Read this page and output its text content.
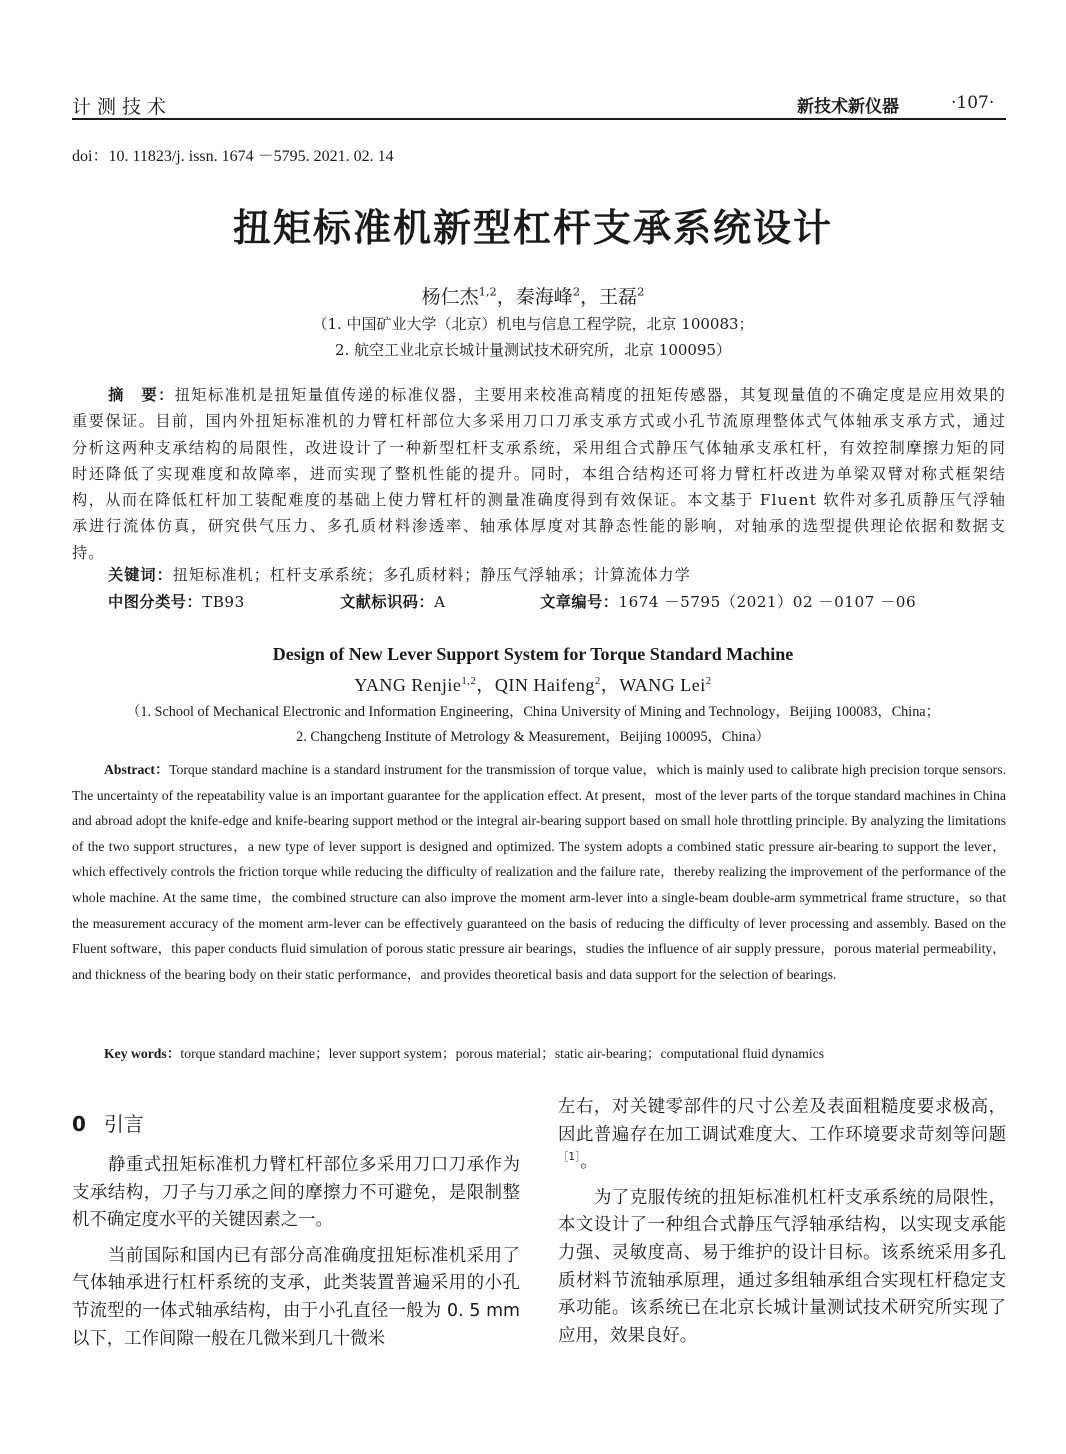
计测技术	新技术新仪器	·107·
doi：10. 11823/j. issn. 1674 －5795. 2021. 02. 14
扭矩标准机新型杠杆支承系统设计
杨仁杰$^{1,2}$，秦海峰$^2$，王磊$^2$
（1. 中国矿业大学（北京）机电与信息工程学院，北京 100083；
2. 航空工业北京长城计量测试技术研究所，北京 100095）
摘　要：扭矩标准机是扭矩量值传递的标准仪器，主要用来校准高精度的扭矩传感器，其复现量值的不确定度是应用效果的重要保证。目前，国内外扭矩标准机的力臂杠杆部位大多采用刀口刀承支承方式或小孔节流原理整体式气体轴承支承方式，通过分析这两种支承结构的局限性，改进设计了一种新型杠杆支承系统，采用组合式静压气体轴承支承杠杆，有效控制摩擦力矩的同时还降低了实现难度和故障率，进而实现了整机性能的提升。同时，本组合结构还可将力臂杠杆改进为单梁双臂对称式框架结构，从而在降低杠杆加工装配难度的基础上使力臂杠杆的测量准确度得到有效保证。本文基于 Fluent 软件对多孔质静压气浮轴承进行流体仿真，研究供气压力、多孔质材料渗透率、轴承体厚度对其静态性能的影响，对轴承的选型提供理论依据和数据支持。
关键词：扭矩标准机；杠杆支承系统；多孔质材料；静压气浮轴承；计算流体力学
中图分类号：TB93	文献标识码：A	文章编号：1674 －5795（2021）02 －0107 －06
Design of New Lever Support System for Torque Standard Machine
YANG Renjie$^{1,2}$，QIN Haifeng$^2$，WANG Lei$^2$
（1. School of Mechanical Electronic and Information Engineering，China University of Mining and Technology，Beijing 100083，China；
2. Changcheng Institute of Metrology & Measurement，Beijing 100095，China）
Abstract：Torque standard machine is a standard instrument for the transmission of torque value，which is mainly used to calibrate high precision torque sensors. The uncertainty of the repeatability value is an important guarantee for the application effect. At present，most of the lever parts of the torque standard machines in China and abroad adopt the knife-edge and knife-bearing support method or the integral air-bearing support based on small hole throttling principle. By analyzing the limitations of the two support structures，a new type of lever support is designed and optimized. The system adopts a combined static pressure air-bearing to support the lever，which effectively controls the friction torque while reducing the difficulty of realization and the failure rate，thereby realizing the improvement of the performance of the whole machine. At the same time，the combined structure can also improve the moment arm-lever into a single-beam double-arm symmetrical frame structure，so that the measurement accuracy of the moment arm-lever can be effectively guaranteed on the basis of reducing the difficulty of lever processing and assembly. Based on the Fluent software，this paper conducts fluid simulation of porous static pressure air bearings，studies the influence of air supply pressure，porous material permeability，and thickness of the bearing body on their static performance，and provides theoretical basis and data support for the selection of bearings.
Key words：torque standard machine；lever support system；porous material；static air-bearing；computational fluid dynamics
0 引言

静重式扭矩标准机力臂杠杆部位多采用刀口刀承作为支承结构，刀子与刀承之间的摩擦力不可避免，是限制整机不确定度水平的关键因素之一。

当前国际和国内已有部分高准确度扭矩标准机采用了气体轴承进行杠杆系统的支承，此类装置普遍采用的小孔节流型的一体式轴承结构，由于小孔直径一般为 0. 5 mm 以下，工作间隙一般在几微米到几十微米

左右，对关键零部件的尺寸公差及表面粗糙度要求极高，因此普遍存在加工调试难度大、工作环境要求苛刻等问题$^{[1]}$。

为了克服传统的扭矩标准机杠杆支承系统的局限性，本文设计了一种组合式静压气浮轴承结构，以实现支承能力强、灵敏度高、易于维护的设计目标。该系统采用多孔质材料节流轴承原理，通过多组轴承组合实现杠杆稳定支承功能。该系统已在北京长城计量测试技术研究所实现了应用，效果良好。
